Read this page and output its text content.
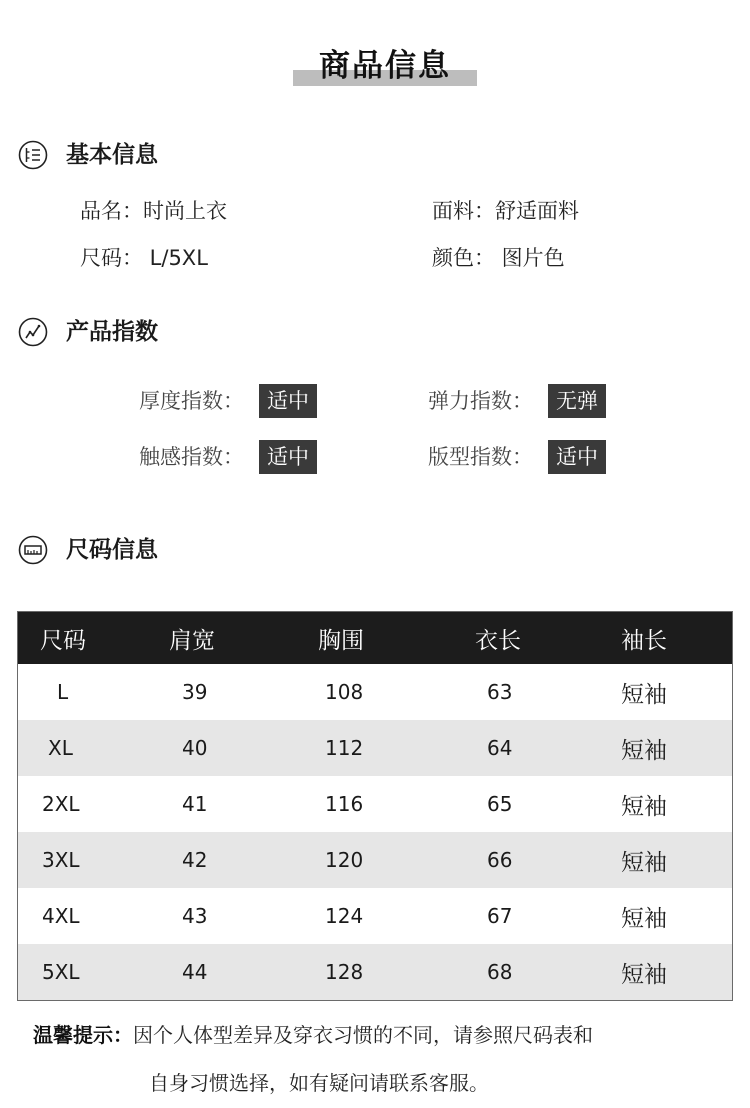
商品信息
基本信息
品名：时尚上衣	面料：舒适面料
尺码： L/5XL	颜色： 图片色
产品指数
厚度指数：	适中	弹力指数：	无弹
触感指数：	适中	版型指数：	适中
尺码信息
尺码	肩宽	胸围	衣长	袖长
L	39	108	63	短袖
XL	40	112	64	短袖
2XL	41	116	65	短袖
3XL	42	120	66	短袖
4XL	43	124	67	短袖
5XL	44	128	68	短袖
温馨提示：因个人体型差异及穿衣习惯的不同，请参照尺码表和
自身习惯选择，如有疑问请联系客服。
